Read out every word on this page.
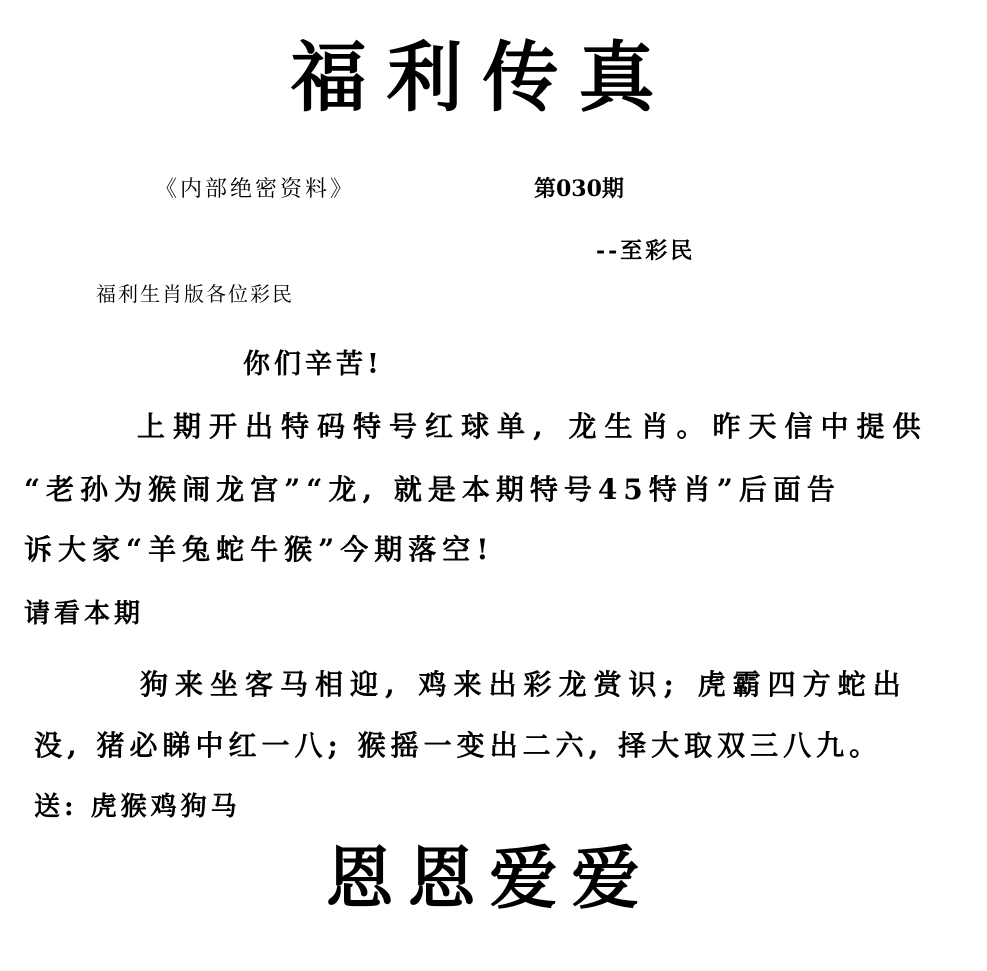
福利传真
《内部绝密资料》	第030期
--至彩民
福利生肖版各位彩民
你们辛苦!
上期开出特码特号红球单, 龙生肖。昨天信中提供
“老孙为猴闹龙宫”“龙, 就是本期特号45特肖”后面告
诉大家“羊兔蛇牛猴”今期落空!
请看本期
狗来坐客马相迎, 鸡来出彩龙赏识; 虎霸四方蛇出
没, 猪必睇中红一八; 猴摇一变出二六, 择大取双三八九。
送: 虎猴鸡狗马
恩恩爱爱
